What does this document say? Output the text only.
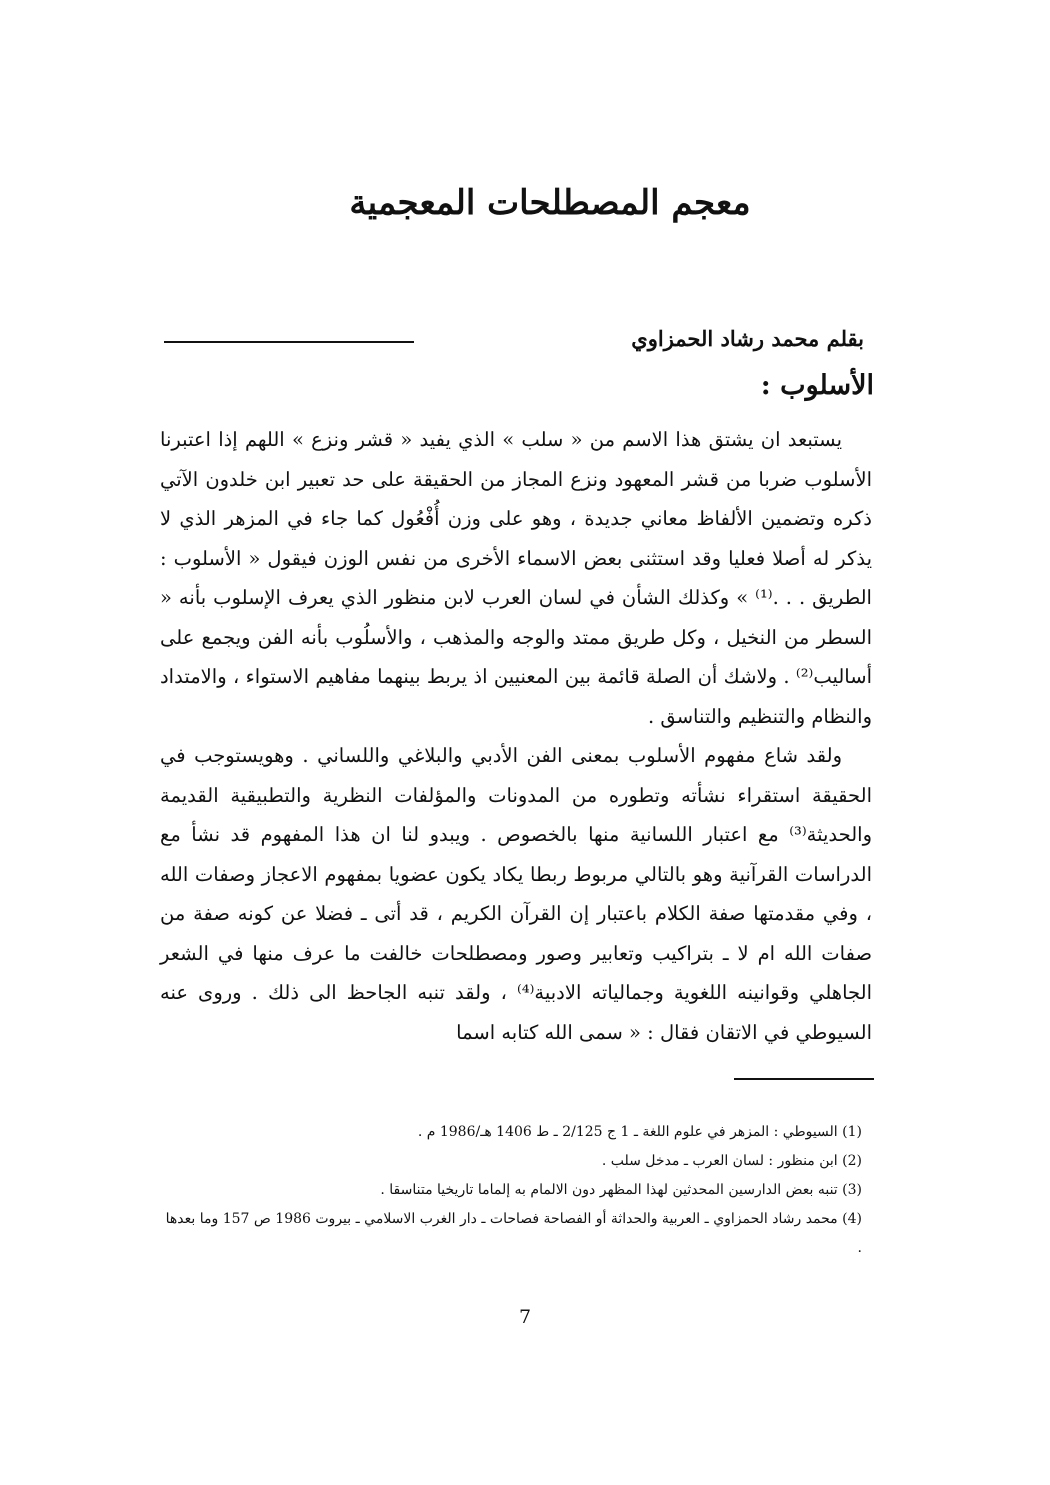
معجم المصطلحات المعجمية
بقلم محمد رشاد الحمزاوي
الأسلوب :

يستبعد ان يشتق هذا الاسم من « سلب » الذي يفيد « قشر ونزع » اللهم إذا اعتبرنا الأسلوب ضربا من قشر المعهود ونزع المجاز من الحقيقة على حد تعبير ابن خلدون الآتي ذكره وتضمين الألفاظ معاني جديدة ، وهو على وزن أُفْعُول كما جاء في المزهر الذي لا يذكر له أصلا فعليا وقد استثنى بعض الاسماء الأخرى من نفس الوزن فيقول « الأسلوب : الطريق . . .⁽¹⁾ » وكذلك الشأن في لسان العرب لابن منظور الذي يعرف الإسلوب بأنه « السطر من النخيل ، وكل طريق ممتد والوجه والمذهب ، والأسلُوب بأنه الفن ويجمع على أساليب⁽²⁾ . ولاشك أن الصلة قائمة بين المعنيين اذ يربط بينهما مفاهيم الاستواء ، والامتداد والنظام والتنظيم والتناسق .

ولقد شاع مفهوم الأسلوب بمعنى الفن الأدبي والبلاغي واللساني . وهويستوجب في الحقيقة استقراء نشأته وتطوره من المدونات والمؤلفات النظرية والتطبيقية القديمة والحديثة⁽³⁾ مع اعتبار اللسانية منها بالخصوص . ويبدو لنا ان هذا المفهوم قد نشأ مع الدراسات القرآنية وهو بالتالي مربوط ربطا يكاد يكون عضويا بمفهوم الاعجاز وصفات الله ، وفي مقدمتها صفة الكلام باعتبار إن القرآن الكريم ، قد أتى ـ فضلا عن كونه صفة من صفات الله ام لا ـ بتراكيب وتعابير وصور ومصطلحات خالفت ما عرف منها في الشعر الجاهلي وقوانينه اللغوية وجمالياته الادبية⁽⁴⁾ ، ولقد تنبه الجاحظ الى ذلك . وروى عنه السيوطي في الاتقان فقال : « سمى الله كتابه اسما

(1) السيوطي : المزهر في علوم اللغة ـ 1 ج 2/125 ـ ط 1406 هـ/1986 م .
(2) ابن منظور : لسان العرب ـ مدخل سلب .
(3) تنبه بعض الدارسين المحدثين لهذا المظهر دون الالمام به إلماما تاريخيا متناسقا .
(4) محمد رشاد الحمزاوي ـ العربية والحداثة أو الفصاحة فصاحات ـ دار الغرب الاسلامي ـ بيروت 1986 ص 157 وما بعدها .
7
